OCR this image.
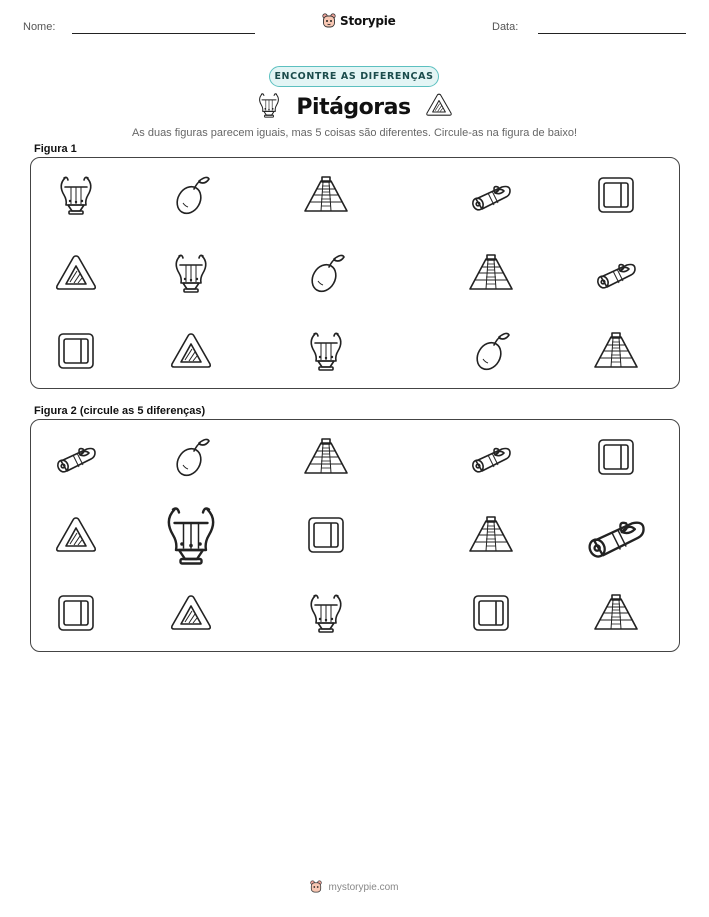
Nome:	Storypie	Data:
ENCONTRE AS DIFERENÇAS
Pitágoras
As duas figuras parecem iguais, mas 5 coisas são diferentes. Circule-as na figura de baixo!
Figura 1
Figura 2 (circule as 5 diferenças)
mystorypie.com
